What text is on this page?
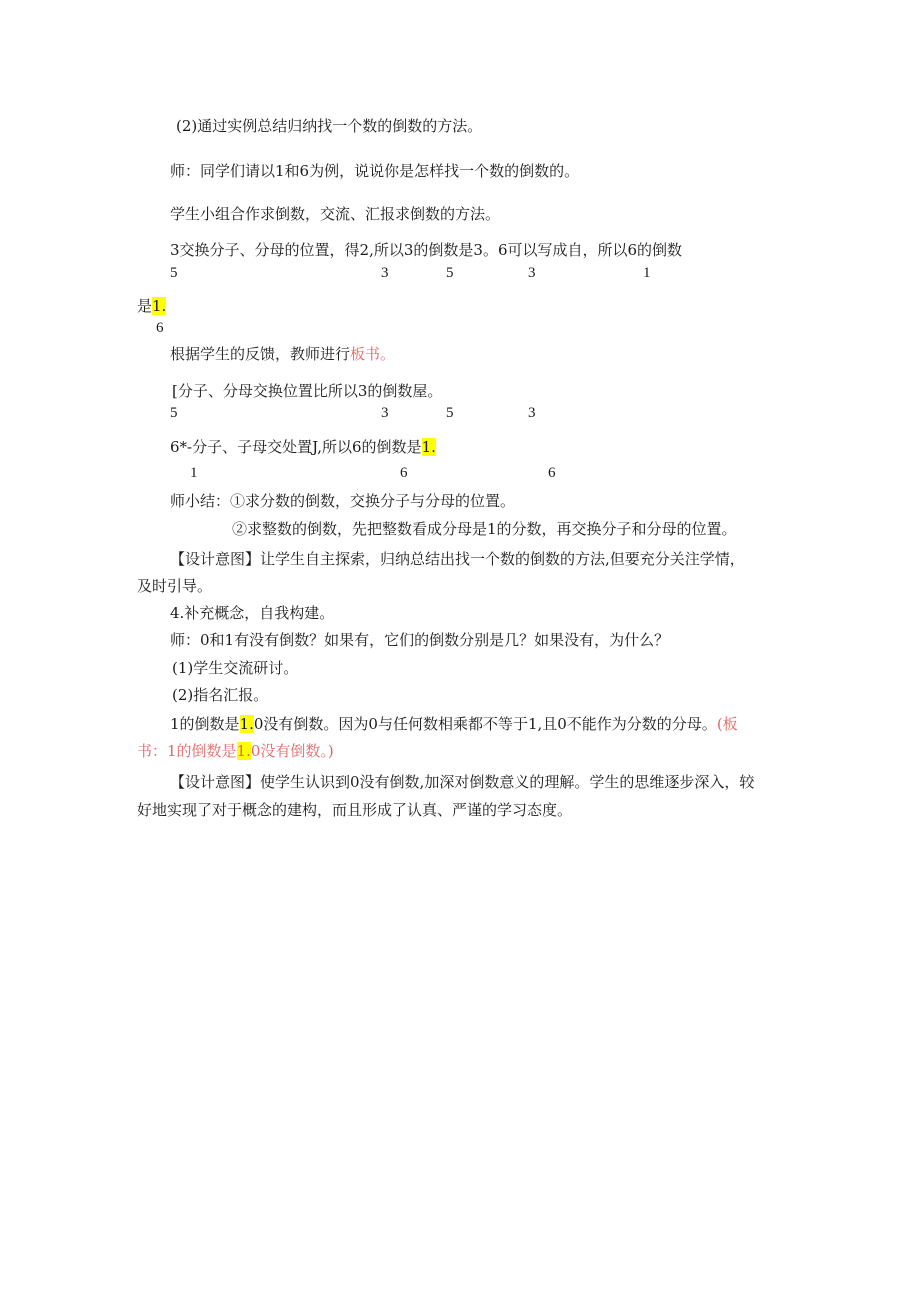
(2)通过实例总结归纳找一个数的倒数的方法。
师：同学们请以1和6为例，说说你是怎样找一个数的倒数的。
学生小组合作求倒数，交流、汇报求倒数的方法。
3交换分子、分母的位置，得2,所以3的倒数是3。6可以写成自，所以6的倒数
5	3	5	3	1
是1.
6
根据学生的反馈，教师进行板书。
[分子、分母交换位置比所以3的倒数屋。
5	3	5	3
6*-分子、子母交处置J,所以6的倒数是1.
1	6	6
师小结：①求分数的倒数，交换分子与分母的位置。
②求整数的倒数，先把整数看成分母是1的分数，再交换分子和分母的位置。
【设计意图】让学生自主探索，归纳总结出找一个数的倒数的方法,但要充分关注学情，
及时引导。
4.补充概念，自我构建。
师：0和1有没有倒数？如果有，它们的倒数分别是几？如果没有，为什么？
(1)学生交流研讨。
(2)指名汇报。
1的倒数是1.0没有倒数。因为0与任何数相乘都不等于1,且0不能作为分数的分母。(板
书：1的倒数是1.0没有倒数。)
【设计意图】使学生认识到0没有倒数,加深对倒数意义的理解。学生的思维逐步深入，较
好地实现了对于概念的建构，而且形成了认真、严谨的学习态度。
